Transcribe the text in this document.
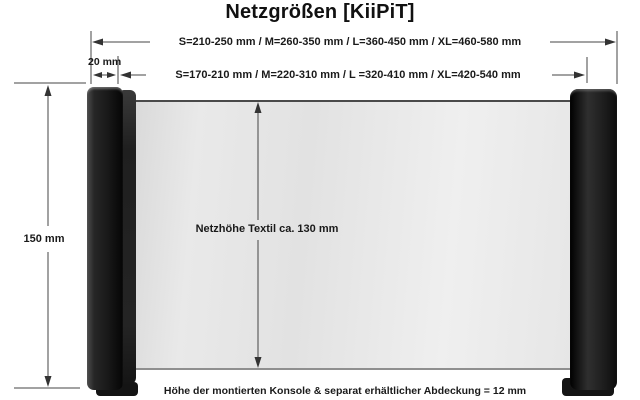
Netzgrößen [KiiPiT]
S=210-250 mm / M=260-350 mm / L=360-450 mm / XL=460-580 mm
20 mm
S=170-210 mm / M=220-310 mm / L =320-410 mm / XL=420-540 mm
150 mm
Netzhöhe Textil ca. 130 mm
Höhe der montierten Konsole & separat erhältlicher Abdeckung = 12 mm
